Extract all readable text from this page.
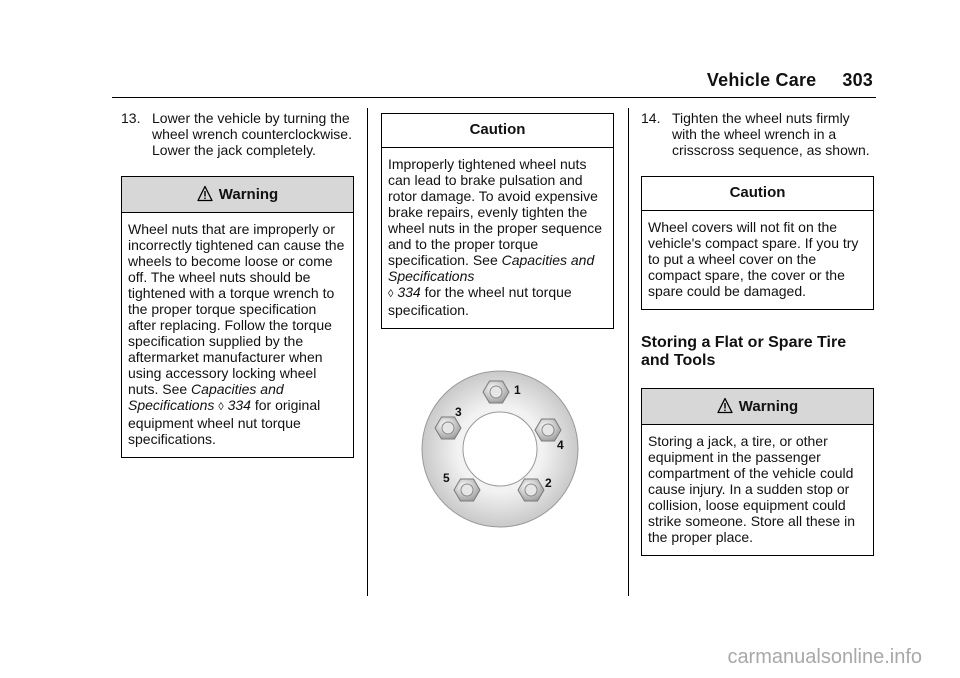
Vehicle Care 303
13. Lower the vehicle by turning the wheel wrench counterclockwise. Lower the jack completely.
Warning
Wheel nuts that are improperly or incorrectly tightened can cause the wheels to become loose or come off. The wheel nuts should be tightened with a torque wrench to the proper torque specification after replacing. Follow the torque specification supplied by the aftermarket manufacturer when using accessory locking wheel nuts. See Capacities and Specifications ◊ 334 for original equipment wheel nut torque specifications.
Caution
Improperly tightened wheel nuts can lead to brake pulsation and rotor damage. To avoid expensive brake repairs, evenly tighten the wheel nuts in the proper sequence and to the proper torque specification. See Capacities and Specifications
◊ 334 for the wheel nut torque specification.
1
2
3
4
5
14. Tighten the wheel nuts firmly with the wheel wrench in a crisscross sequence, as shown.
Caution
Wheel covers will not fit on the vehicle's compact spare. If you try to put a wheel cover on the compact spare, the cover or the spare could be damaged.
Storing a Flat or Spare Tire and Tools
Warning
Storing a jack, a tire, or other equipment in the passenger compartment of the vehicle could cause injury. In a sudden stop or collision, loose equipment could strike someone. Store all these in the proper place.
carmanualsonline.info
